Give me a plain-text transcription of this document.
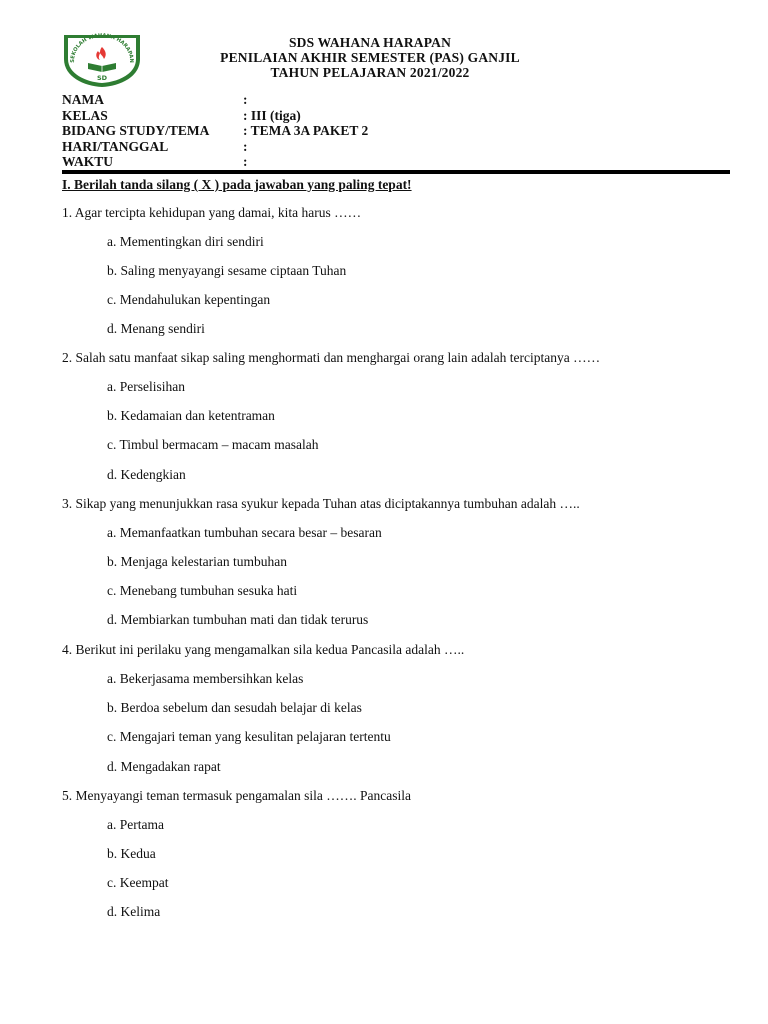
SEKOLAH WAHANA HARAPAN
SD
SDS WAHANA HARAPAN
PENILAIAN AKHIR SEMESTER (PAS) GANJIL
TAHUN PELAJARAN 2021/2022
NAMA	:
KELAS	: III (tiga)
BIDANG STUDY/TEMA : TEMA 3A PAKET 2
HARI/TANGGAL	:
WAKTU	:
I. Berilah tanda silang ( X ) pada jawaban yang paling tepat!
1. Agar tercipta kehidupan yang damai, kita harus ……
a. Mementingkan diri sendiri
b. Saling menyayangi sesame ciptaan Tuhan
c. Mendahulukan kepentingan
d. Menang sendiri
2. Salah satu manfaat sikap saling menghormati dan menghargai orang lain adalah terciptanya ……
a. Perselisihan
b. Kedamaian dan ketentraman
c. Timbul bermacam – macam masalah
d. Kedengkian
3. Sikap yang menunjukkan rasa syukur kepada Tuhan atas diciptakannya tumbuhan adalah …..
a. Memanfaatkan tumbuhan secara besar – besaran
b. Menjaga kelestarian tumbuhan
c. Menebang tumbuhan sesuka hati
d. Membiarkan tumbuhan mati dan tidak terurus
4. Berikut ini perilaku yang mengamalkan sila kedua Pancasila adalah …..
a. Bekerjasama membersihkan kelas
b. Berdoa sebelum dan sesudah belajar di kelas
c. Mengajari teman yang kesulitan pelajaran tertentu
d. Mengadakan rapat
5. Menyayangi teman termasuk pengamalan sila ……. Pancasila
a. Pertama
b. Kedua
c. Keempat
d. Kelima
